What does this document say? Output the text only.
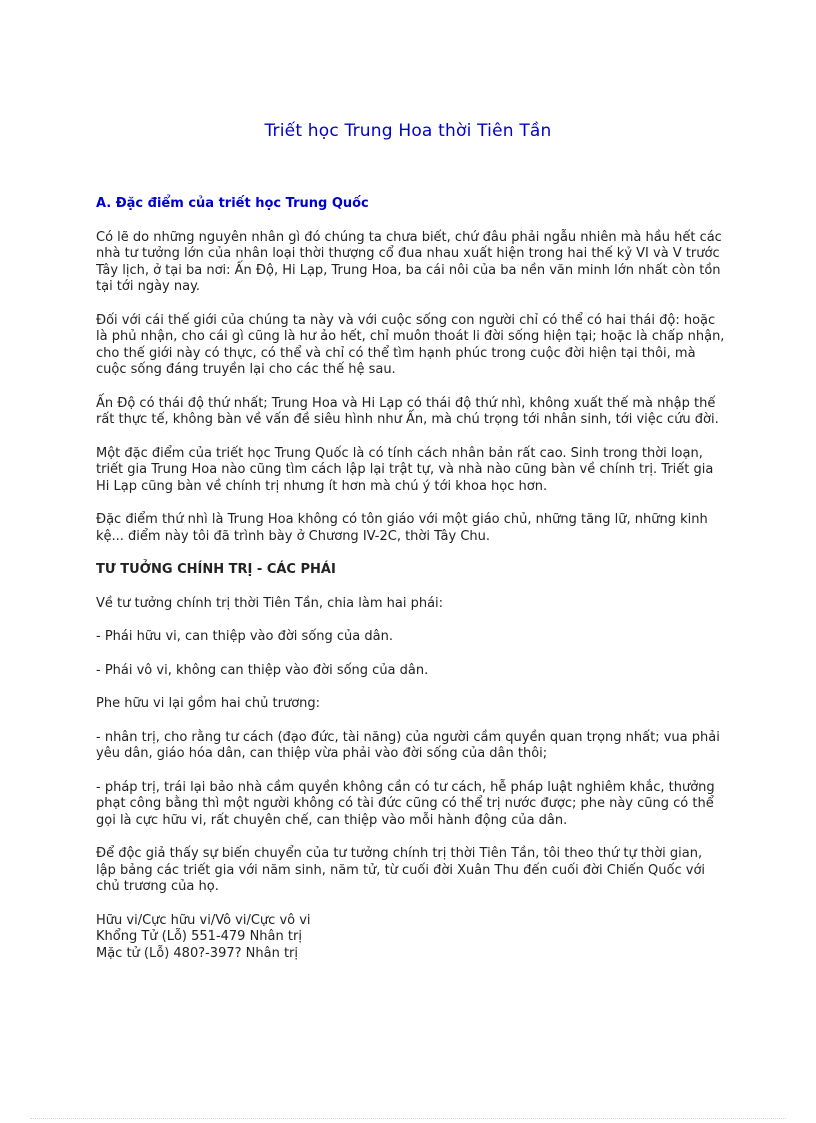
Triết học Trung Hoa thời Tiên Tần
A. Đặc điểm của triết học Trung Quốc

Có lẽ do những nguyên nhân gì đó chúng ta chưa biết, chứ đâu phải ngẫu nhiên mà hầu hết các nhà tư tưởng lớn của nhân loại thời thượng cổ đua nhau xuất hiện trong hai thế kỷ VI và V trước Tây lịch, ở tại ba nơi: Ấn Độ, Hi Lạp, Trung Hoa, ba cái nôi của ba nền văn minh lớn nhất còn tồn tại tới ngày nay.

Đối với cái thế giới của chúng ta này và với cuộc sống con người chỉ có thể có hai thái độ: hoặc là phủ nhận, cho cái gì cũng là hư ảo hết, chỉ muôn thoát li đời sống hiện tại; hoặc là chấp nhận, cho thế giới này có thực, có thể và chỉ có thể tìm hạnh phúc trong cuộc đời hiện tại thôi, mà cuộc sống đáng truyền lại cho các thế hệ sau.

Ấn Độ có thái độ thứ nhất; Trung Hoa và Hi Lạp có thái độ thứ nhì, không xuất thế mà nhập thế rất thực tế, không bàn về vấn đề siêu hình như Ấn, mà chú trọng tới nhân sinh, tới việc cứu đời.

Một đặc điểm của triết học Trung Quốc là có tính cách nhân bản rất cao. Sinh trong thời loạn, triết gia Trung Hoa nào cũng tìm cách lập lại trật tự, và nhà nào cũng bàn về chính trị. Triết gia Hi Lạp cũng bàn về chính trị nhưng ít hơn mà chú ý tới khoa học hơn.

Đặc điểm thứ nhì là Trung Hoa không có tôn giáo với một giáo chủ, những tăng lữ, những kinh kệ... điểm này tôi đã trình bày ở Chương IV-2C, thời Tây Chu.

TƯ TUỞNG CHÍNH TRỊ - CÁC PHÁI

Về tư tưởng chính trị thời Tiên Tần, chia làm hai phái:

- Phái hữu vi, can thiệp vào đời sống của dân.

- Phái vô vi, không can thiệp vào đời sống của dân.

Phe hữu vi lại gồm hai chủ trương:

- nhân trị, cho rằng tư cách (đạo đức, tài năng) của người cầm quyền quan trọng nhất; vua phải yêu dân, giáo hóa dân, can thiệp vừa phải vào đời sống của dân thôi;

- pháp trị, trái lại bảo nhà cầm quyền không cần có tư cách, hễ pháp luật nghiêm khắc, thưởng phạt công bằng thì một người không có tài đức cũng có thể trị nước được; phe này cũng có thể gọi là cực hữu vi, rất chuyên chế, can thiệp vào mỗi hành động của dân.

Để độc giả thấy sự biến chuyển của tư tưởng chính trị thời Tiên Tần, tôi theo thứ tự thời gian, lập bảng các triết gia với năm sinh, năm tử, từ cuối đời Xuân Thu đến cuối đời Chiến Quốc với chủ trương của họ.

Hữu vi/Cực hữu vi/Vô vi/Cực vô vi

Khổng Tử (Lỗ) 551-479 Nhân trị

Mặc tử (Lỗ) 480?-397? Nhân trị
